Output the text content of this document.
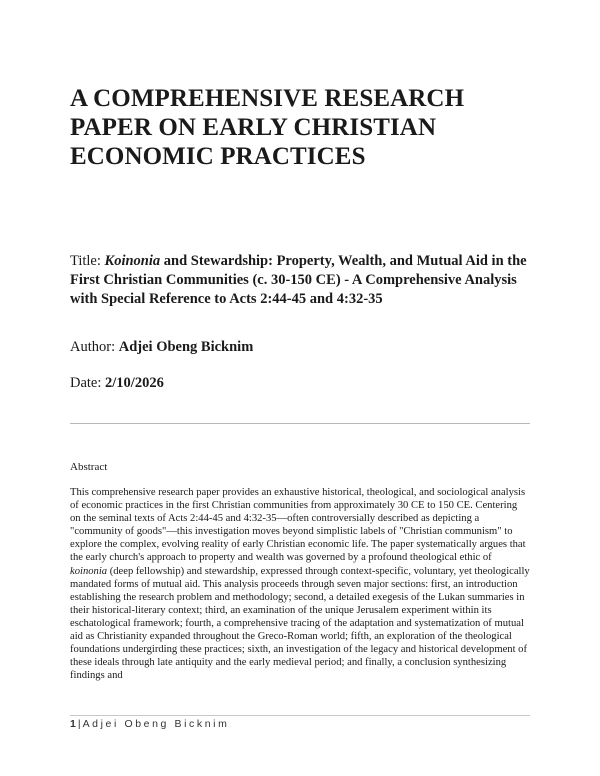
A COMPREHENSIVE RESEARCH PAPER ON EARLY CHRISTIAN ECONOMIC PRACTICES

Title: Koinonia and Stewardship: Property, Wealth, and Mutual Aid in the First Christian Communities (c. 30-150 CE) - A Comprehensive Analysis with Special Reference to Acts 2:44-45 and 4:32-35

Author: Adjei Obeng Bicknim

Date: 2/10/2026

Abstract

This comprehensive research paper provides an exhaustive historical, theological, and sociological analysis of economic practices in the first Christian communities from approximately 30 CE to 150 CE. Centering on the seminal texts of Acts 2:44-45 and 4:32-35—often controversially described as depicting a "community of goods"—this investigation moves beyond simplistic labels of "Christian communism" to explore the complex, evolving reality of early Christian economic life. The paper systematically argues that the early church's approach to property and wealth was governed by a profound theological ethic of koinonia (deep fellowship) and stewardship, expressed through context-specific, voluntary, yet theologically mandated forms of mutual aid. This analysis proceeds through seven major sections: first, an introduction establishing the research problem and methodology; second, a detailed exegesis of the Lukan summaries in their historical-literary context; third, an examination of the unique Jerusalem experiment within its eschatological framework; fourth, a comprehensive tracing of the adaptation and systematization of mutual aid as Christianity expanded throughout the Greco-Roman world; fifth, an exploration of the theological foundations undergirding these practices; sixth, an investigation of the legacy and historical development of these ideals through late antiquity and the early medieval period; and finally, a conclusion synthesizing findings and

1 | Adjei Obeng Bicknim
